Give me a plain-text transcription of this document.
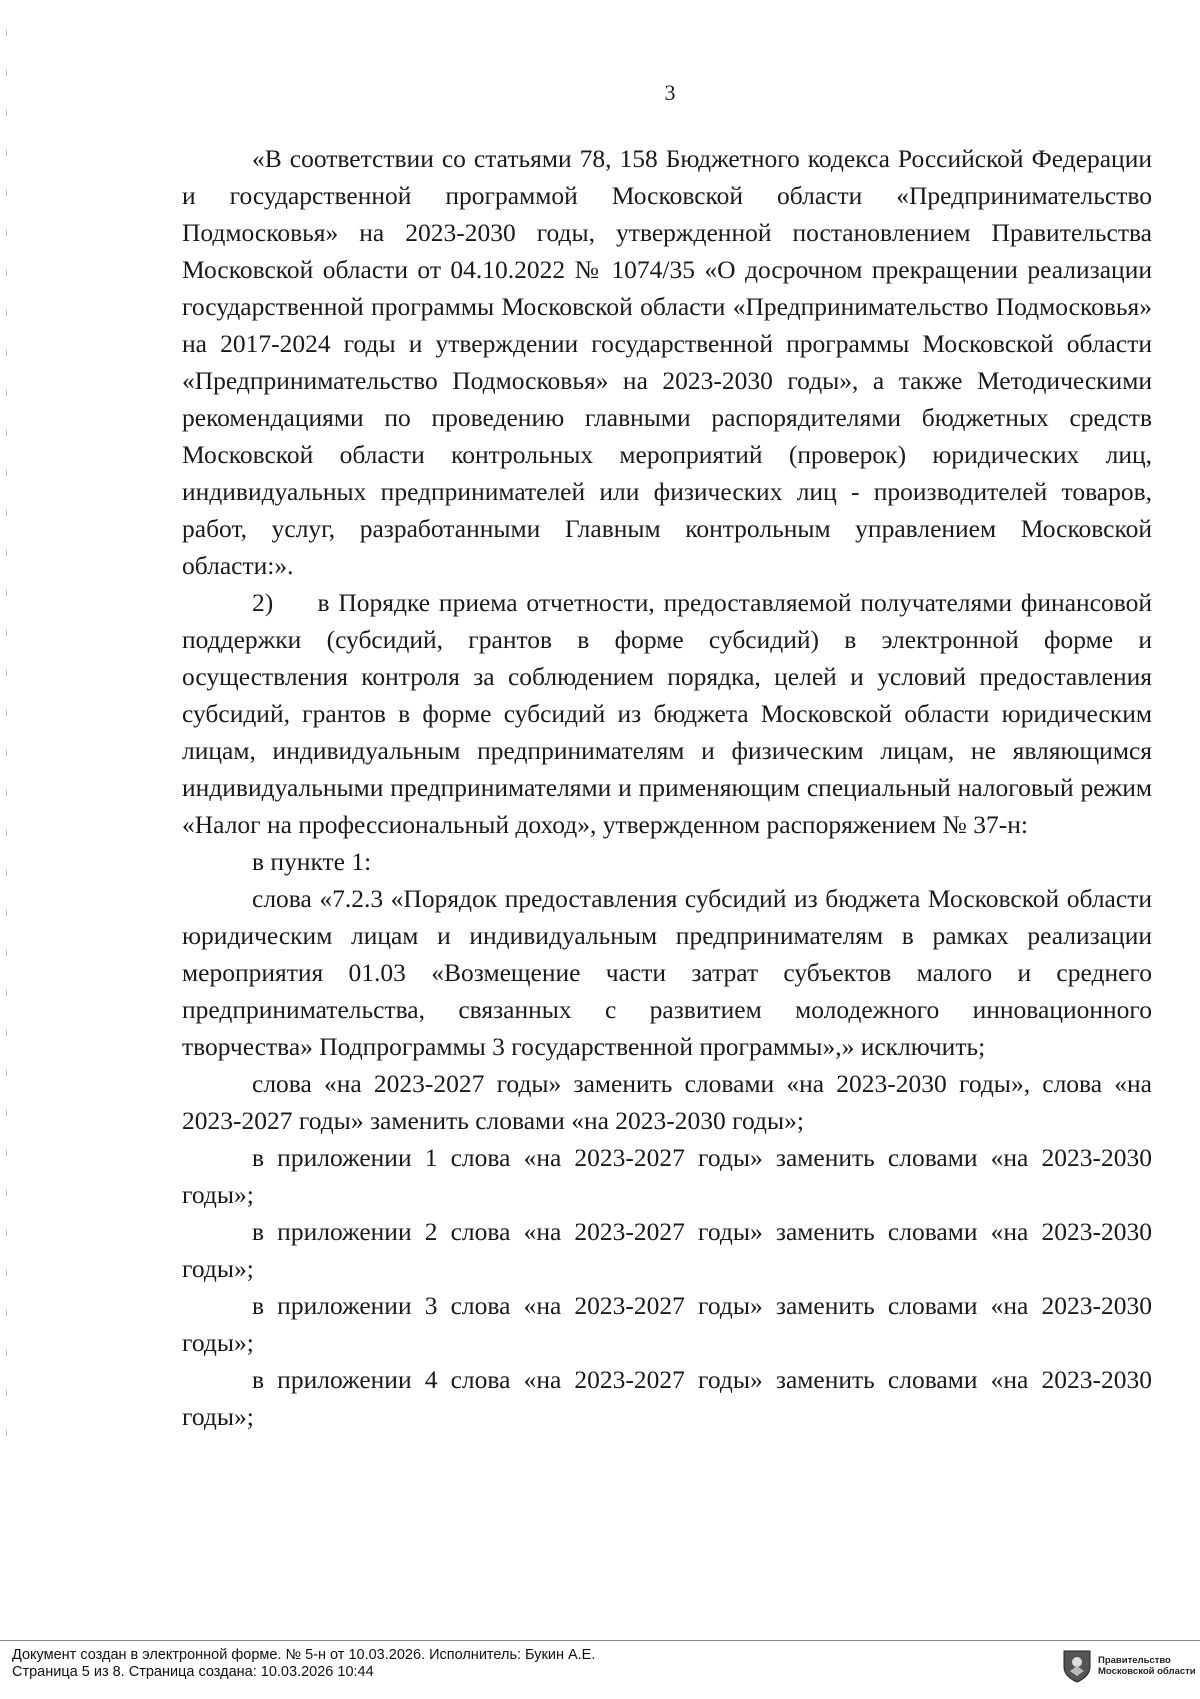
3

«В соответствии со статьями 78, 158 Бюджетного кодекса Российской Федерации и государственной программой Московской области «Предпринимательство Подмосковья» на 2023-2030 годы, утвержденной постановлением Правительства Московской области от 04.10.2022 № 1074/35 «О досрочном прекращении реализации государственной программы Московской области «Предпринимательство Подмосковья» на 2017-2024 годы и утверждении государственной программы Московской области «Предпринимательство Подмосковья» на 2023-2030 годы», а также Методическими рекомендациями по проведению главными распорядителями бюджетных средств Московской области контрольных мероприятий (проверок) юридических лиц, индивидуальных предпринимателей или физических лиц - производителей товаров, работ, услуг, разработанными Главным контрольным управлением Московской области:».

2)     в Порядке приема отчетности, предоставляемой получателями финансовой поддержки (субсидий, грантов в форме субсидий) в электронной форме и осуществления контроля за соблюдением порядка, целей и условий предоставления субсидий, грантов в форме субсидий из бюджета Московской области юридическим лицам, индивидуальным предпринимателям и физическим лицам, не являющимся индивидуальными предпринимателями и применяющим специальный налоговый режим «Налог на профессиональный доход», утвержденном распоряжением № 37-н:

в пункте 1:

слова «7.2.3 «Порядок предоставления субсидий из бюджета Московской области юридическим лицам и индивидуальным предпринимателям в рамках реализации мероприятия 01.03 «Возмещение части затрат субъектов малого и среднего предпринимательства, связанных с развитием молодежного инновационного творчества» Подпрограммы 3 государственной программы»,» исключить;

слова «на 2023-2027 годы» заменить словами «на 2023-2030 годы», слова «на 2023-2027 годы» заменить словами «на 2023-2030 годы»;

в приложении 1 слова «на 2023-2027 годы» заменить словами «на 2023-2030 годы»;

в приложении 2 слова «на 2023-2027 годы» заменить словами «на 2023-2030 годы»;

в приложении 3 слова «на 2023-2027 годы» заменить словами «на 2023-2030 годы»;

в приложении 4 слова «на 2023-2027 годы» заменить словами «на 2023-2030 годы»;

Документ создан в электронной форме. № 5-н от 10.03.2026. Исполнитель: Букин А.Е.
Страница 5 из 8. Страница создана: 10.03.2026 10:44
Правительство
Московской области
